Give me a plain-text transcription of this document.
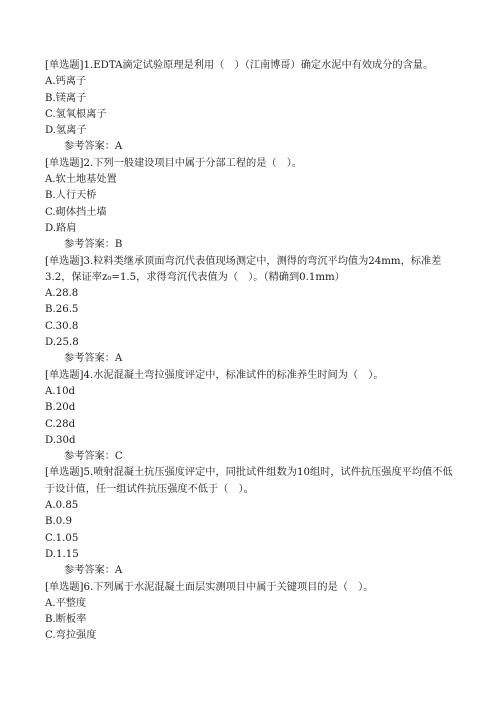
[单选题]1.EDTA滴定试验原理是利用（　）（江南博哥）确定水泥中有效成分的含量。
A.钙离子
B.镁离子
C.氢氧根离子
D.氢离子
参考答案：A
[单选题]2.下列一般建设项目中属于分部工程的是（　）。
A.软土地基处置
B.人行天桥
C.砌体挡土墙
D.路肩
参考答案：B
[单选题]3.粒料类继承顶面弯沉代表值现场测定中，测得的弯沉平均值为24mm，标准差3.2，保证率z₀=1.5，求得弯沉代表值为（　）。（精确到0.1mm）
A.28.8
B.26.5
C.30.8
D.25.8
参考答案：A
[单选题]4.水泥混凝土弯拉强度评定中，标准试件的标准养生时间为（　）。
A.10d
B.20d
C.28d
D.30d
参考答案：C
[单选题]5.喷射混凝土抗压强度评定中，同批试件组数为10组时，试件抗压强度平均值不低于设计值，任一组试件抗压强度不低于（　）。
A.0.85
B.0.9
C.1.05
D.1.15
参考答案：A
[单选题]6.下列属于水泥混凝土面层实测项目中属于关键项目的是（　）。
A.平整度
B.断板率
C.弯拉强度
